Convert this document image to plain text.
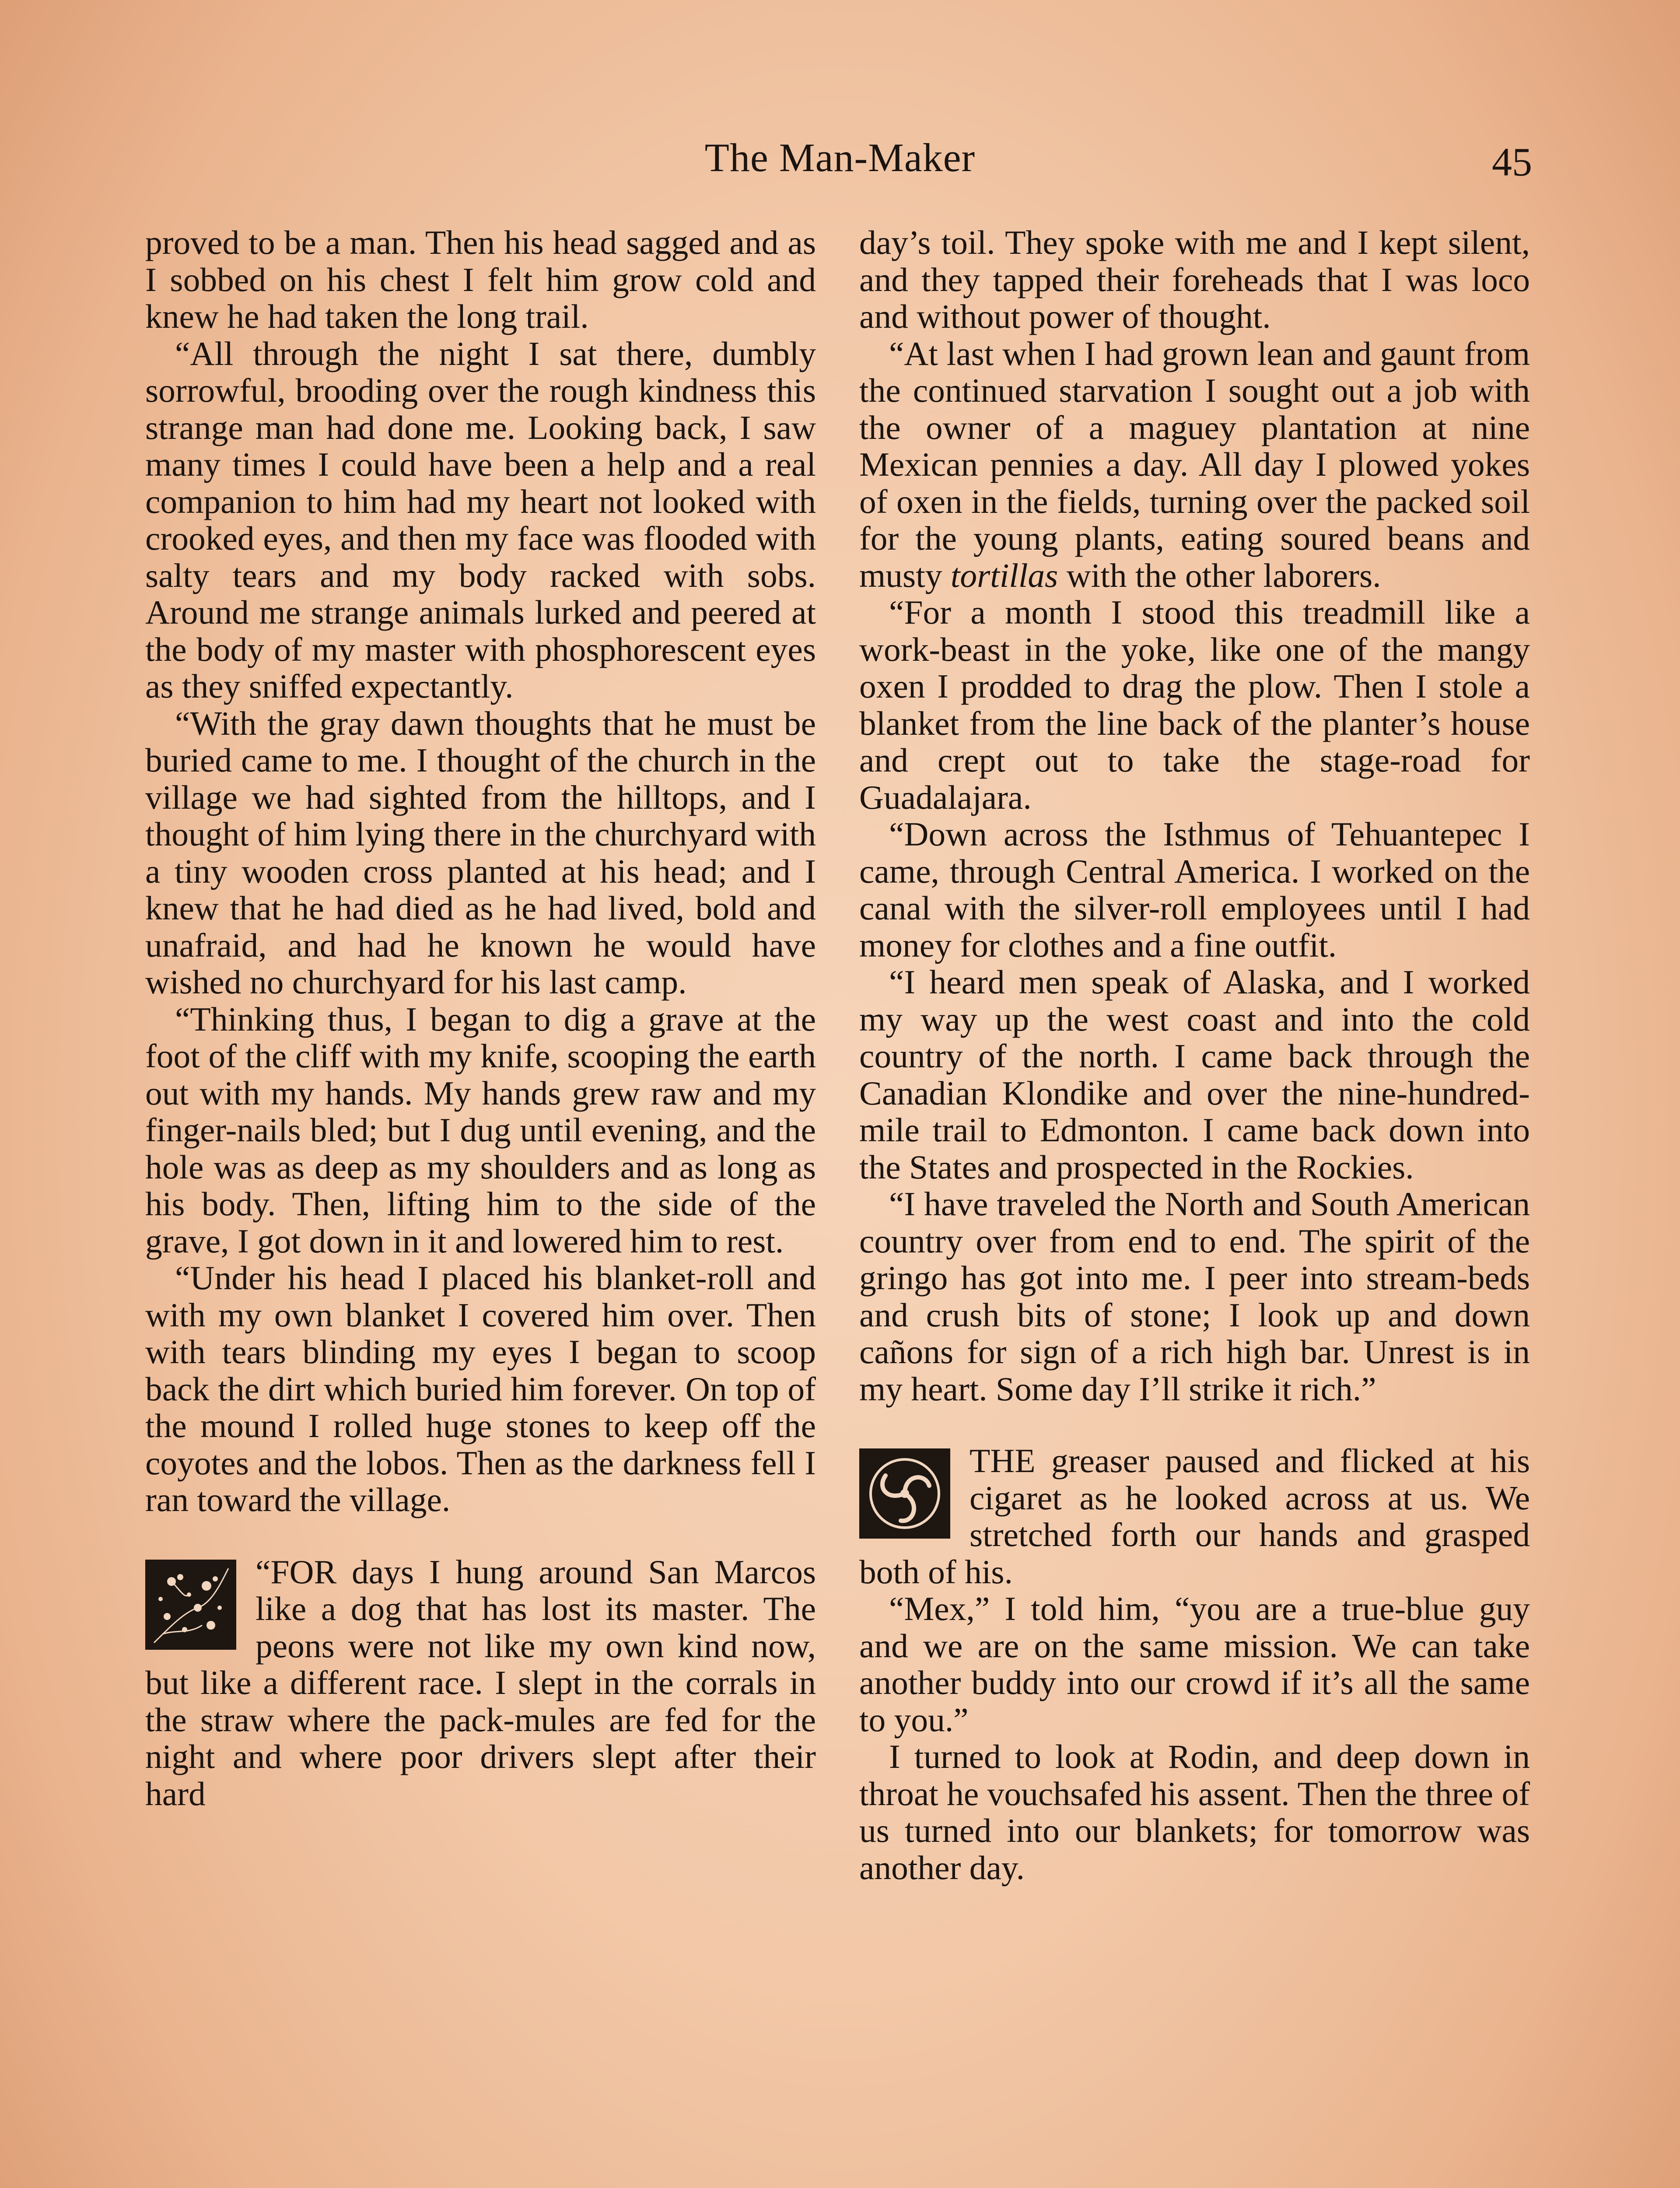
The Man-Maker	45

proved to be a man. Then his head sagged and as I sobbed on his chest I felt him grow cold and knew he had taken the long trail.

“All through the night I sat there, dumbly sorrowful, brooding over the rough kindness this strange man had done me. Looking back, I saw many times I could have been a help and a real companion to him had my heart not looked with crooked eyes, and then my face was flooded with salty tears and my body racked with sobs. Around me strange animals lurked and peered at the body of my master with phosphorescent eyes as they sniffed expectantly.

“With the gray dawn thoughts that he must be buried came to me. I thought of the church in the village we had sighted from the hilltops, and I thought of him lying there in the churchyard with a tiny wooden cross planted at his head; and I knew that he had died as he had lived, bold and unafraid, and had he known he would have wished no churchyard for his last camp.

“Thinking thus, I began to dig a grave at the foot of the cliff with my knife, scooping the earth out with my hands. My hands grew raw and my finger-nails bled; but I dug until evening, and the hole was as deep as my shoulders and as long as his body. Then, lifting him to the side of the grave, I got down in it and lowered him to rest.

“Under his head I placed his blanket-roll and with my own blanket I covered him over. Then with tears blinding my eyes I began to scoop back the dirt which buried him forever. On top of the mound I rolled huge stones to keep off the coyotes and the lobos. Then as the darkness fell I ran toward the village.

“FOR days I hung around San Marcos like a dog that has lost its master. The peons were not like my own kind now, but like a different race. I slept in the corrals in the straw where the pack-mules are fed for the night and where poor drivers slept after their hard

day’s toil. They spoke with me and I kept silent, and they tapped their foreheads that I was loco and without power of thought.

“At last when I had grown lean and gaunt from the continued starvation I sought out a job with the owner of a maguey plantation at nine Mexican pennies a day. All day I plowed yokes of oxen in the fields, turning over the packed soil for the young plants, eating soured beans and musty tortillas with the other laborers.

“For a month I stood this treadmill like a work-beast in the yoke, like one of the mangy oxen I prodded to drag the plow. Then I stole a blanket from the line back of the planter’s house and crept out to take the stage-road for Guadalajara.

“Down across the Isthmus of Tehuantepec I came, through Central America. I worked on the canal with the silver-roll employees until I had money for clothes and a fine outfit.

“I heard men speak of Alaska, and I worked my way up the west coast and into the cold country of the north. I came back through the Canadian Klondike and over the nine-hundred-mile trail to Edmonton. I came back down into the States and prospected in the Rockies.

“I have traveled the North and South American country over from end to end. The spirit of the gringo has got into me. I peer into stream-beds and crush bits of stone; I look up and down cañons for sign of a rich high bar. Unrest is in my heart. Some day I’ll strike it rich.”

THE greaser paused and flicked at his cigaret as he looked across at us. We stretched forth our hands and grasped both of his.

“Mex,” I told him, “you are a true-blue guy and we are on the same mission. We can take another buddy into our crowd if it’s all the same to you.”

I turned to look at Rodin, and deep down in throat he vouchsafed his assent. Then the three of us turned into our blankets; for tomorrow was another day.
